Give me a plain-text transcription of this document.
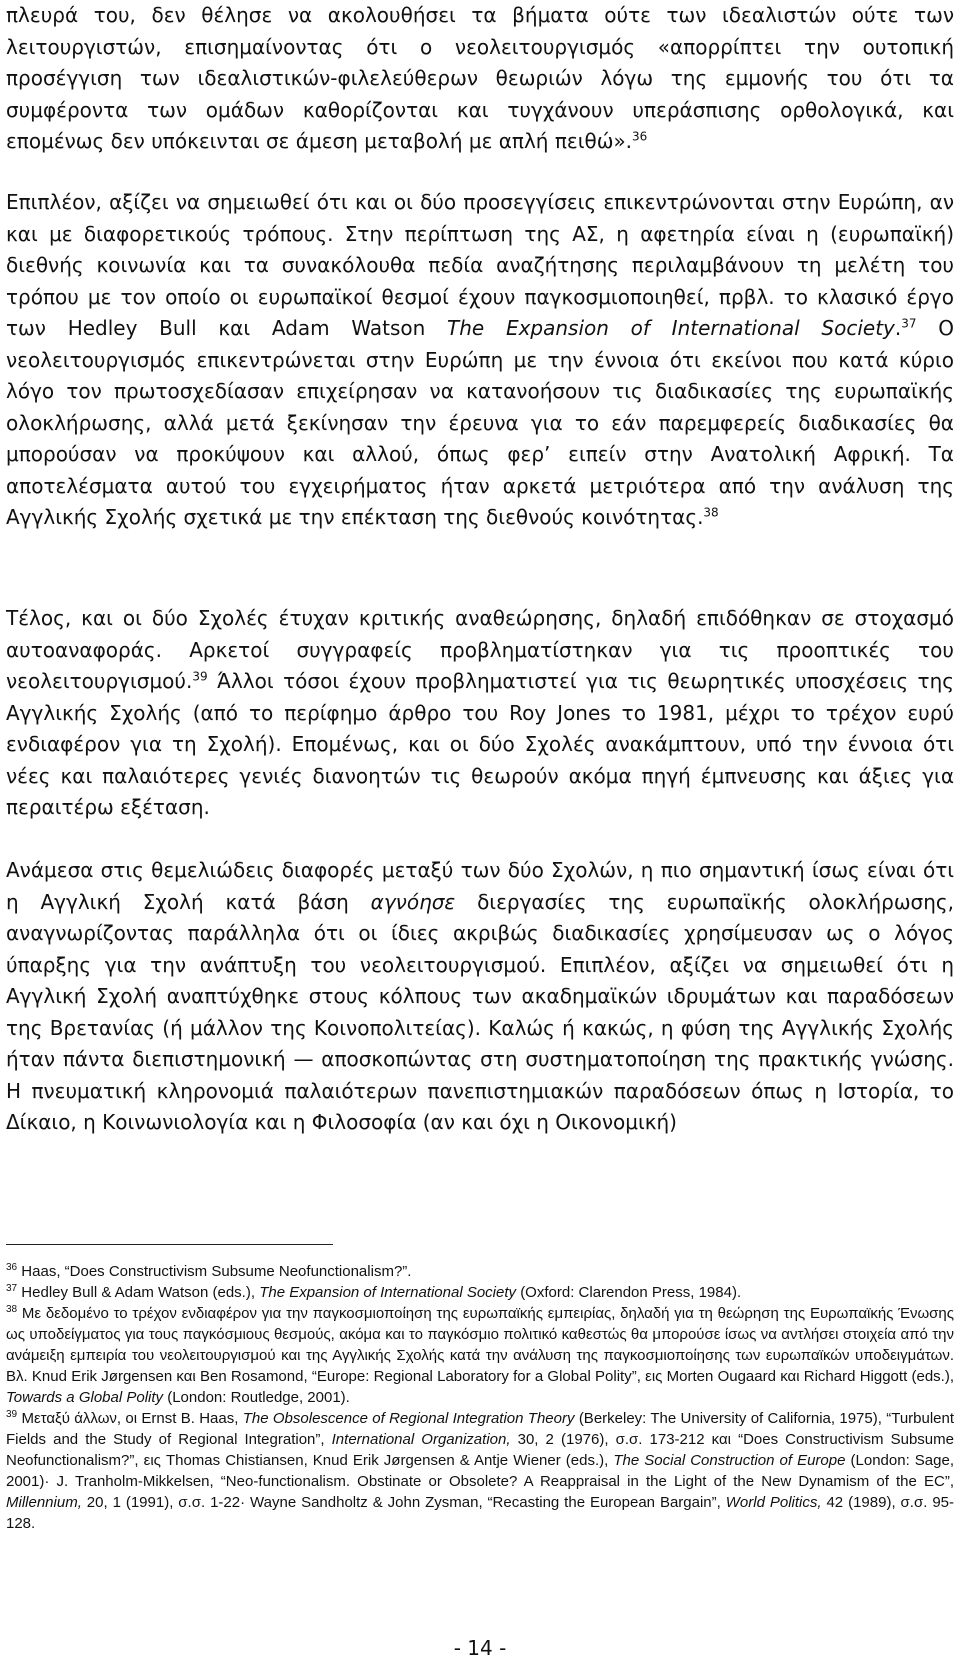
πλευρά του, δεν θέλησε να ακολουθήσει τα βήματα ούτε των ιδεαλιστών ούτε των λειτουργιστών, επισημαίνοντας ότι ο νεολειτουργισμός «απορρίπτει την ουτοπική προσέγγιση των ιδεαλιστικών-φιλελεύθερων θεωριών λόγω της εμμονής του ότι τα συμφέροντα των ομάδων καθορίζονται και τυγχάνουν υπεράσπισης ορθολογικά, και επομένως δεν υπόκεινται σε άμεση μεταβολή με απλή πειθώ».$^{36}$

Επιπλέον, αξίζει να σημειωθεί ότι και οι δύο προσεγγίσεις επικεντρώνονται στην Ευρώπη, αν και με διαφορετικούς τρόπους. Στην περίπτωση της ΑΣ, η αφετηρία είναι η (ευρωπαϊκή) διεθνής κοινωνία και τα συνακόλουθα πεδία αναζήτησης περιλαμβάνουν τη μελέτη του τρόπου με τον οποίο οι ευρωπαϊκοί θεσμοί έχουν παγκοσμιοποιηθεί, πρβλ. το κλασικό έργο των Hedley Bull και Adam Watson The Expansion of International Society.$^{37}$ Ο νεολειτουργισμός επικεντρώνεται στην Ευρώπη με την έννοια ότι εκείνοι που κατά κύριο λόγο τον πρωτοσχεδίασαν επιχείρησαν να κατανοήσουν τις διαδικασίες της ευρωπαϊκής ολοκλήρωσης, αλλά μετά ξεκίνησαν την έρευνα για το εάν παρεμφερείς διαδικασίες θα μπορούσαν να προκύψουν και αλλού, όπως φερ’ ειπείν στην Ανατολική Αφρική. Τα αποτελέσματα αυτού του εγχειρήματος ήταν αρκετά μετριότερα από την ανάλυση της Αγγλικής Σχολής σχετικά με την επέκταση της διεθνούς κοινότητας.$^{38}$

Τέλος, και οι δύο Σχολές έτυχαν κριτικής αναθεώρησης, δηλαδή επιδόθηκαν σε στοχασμό αυτοαναφοράς. Αρκετοί συγγραφείς προβληματίστηκαν για τις προοπτικές του νεολειτουργισμού.$^{39}$ Άλλοι τόσοι έχουν προβληματιστεί για τις θεωρητικές υποσχέσεις της Αγγλικής Σχολής (από το περίφημο άρθρο του Roy Jones το 1981, μέχρι το τρέχον ευρύ ενδιαφέρον για τη Σχολή). Επομένως, και οι δύο Σχολές ανακάμπτουν, υπό την έννοια ότι νέες και παλαιότερες γενιές διανοητών τις θεωρούν ακόμα πηγή έμπνευσης και άξιες για περαιτέρω εξέταση.

Ανάμεσα στις θεμελιώδεις διαφορές μεταξύ των δύο Σχολών, η πιο σημαντική ίσως είναι ότι η Αγγλική Σχολή κατά βάση αγνόησε διεργασίες της ευρωπαϊκής ολοκλήρωσης, αναγνωρίζοντας παράλληλα ότι οι ίδιες ακριβώς διαδικασίες χρησίμευσαν ως ο λόγος ύπαρξης για την ανάπτυξη του νεολειτουργισμού. Επιπλέον, αξίζει να σημειωθεί ότι η Αγγλική Σχολή αναπτύχθηκε στους κόλπους των ακαδημαϊκών ιδρυμάτων και παραδόσεων της Βρετανίας (ή μάλλον της Κοινοπολιτείας). Καλώς ή κακώς, η φύση της Αγγλικής Σχολής ήταν πάντα διεπιστημονική — αποσκοπώντας στη συστηματοποίηση της πρακτικής γνώσης. Η πνευματική κληρονομιά παλαιότερων πανεπιστημιακών παραδόσεων όπως η Ιστορία, το Δίκαιο, η Κοινωνιολογία και η Φιλοσοφία (αν και όχι η Οικονομική)

$^{36}$ Haas, “Does Constructivism Subsume Neofunctionalism?”.

$^{37}$ Hedley Bull & Adam Watson (eds.), The Expansion of International Society (Oxford: Clarendon Press, 1984).

$^{38}$ Με δεδομένο το τρέχον ενδιαφέρον για την παγκοσμιοποίηση της ευρωπαϊκής εμπειρίας, δηλαδή για τη θεώρηση της Ευρωπαϊκής Ένωσης ως υποδείγματος για τους παγκόσμιους θεσμούς, ακόμα και το παγκόσμιο πολιτικό καθεστώς θα μπορούσε ίσως να αντλήσει στοιχεία από την ανάμειξη εμπειρία του νεολειτουργισμού και της Αγγλικής Σχολής κατά την ανάλυση της παγκοσμιοποίησης των ευρωπαϊκών υποδειγμάτων. Βλ. Knud Erik Jørgensen και Ben Rosamond, “Europe: Regional Laboratory for a Global Polity”, εις Morten Ougaard και Richard Higgott (eds.), Towards a Global Polity (London: Routledge, 2001).

$^{39}$ Μεταξύ άλλων, οι Ernst B. Haas, The Obsolescence of Regional Integration Theory (Berkeley: The University of California, 1975), “Turbulent Fields and the Study of Regional Integration”, International Organization, 30, 2 (1976), σ.σ. 173-212 και “Does Constructivism Subsume Neofunctionalism?”, εις Thomas Chistiansen, Knud Erik Jørgensen & Antje Wiener (eds.), The Social Construction of Europe (London: Sage, 2001)· J. Tranholm-Mikkelsen, “Neo-functionalism. Obstinate or Obsolete? A Reappraisal in the Light of the New Dynamism of the EC”, Millennium, 20, 1 (1991), σ.σ. 1-22· Wayne Sandholtz & John Zysman, “Recasting the European Bargain”, World Politics, 42 (1989), σ.σ. 95-128.

- 14 -
